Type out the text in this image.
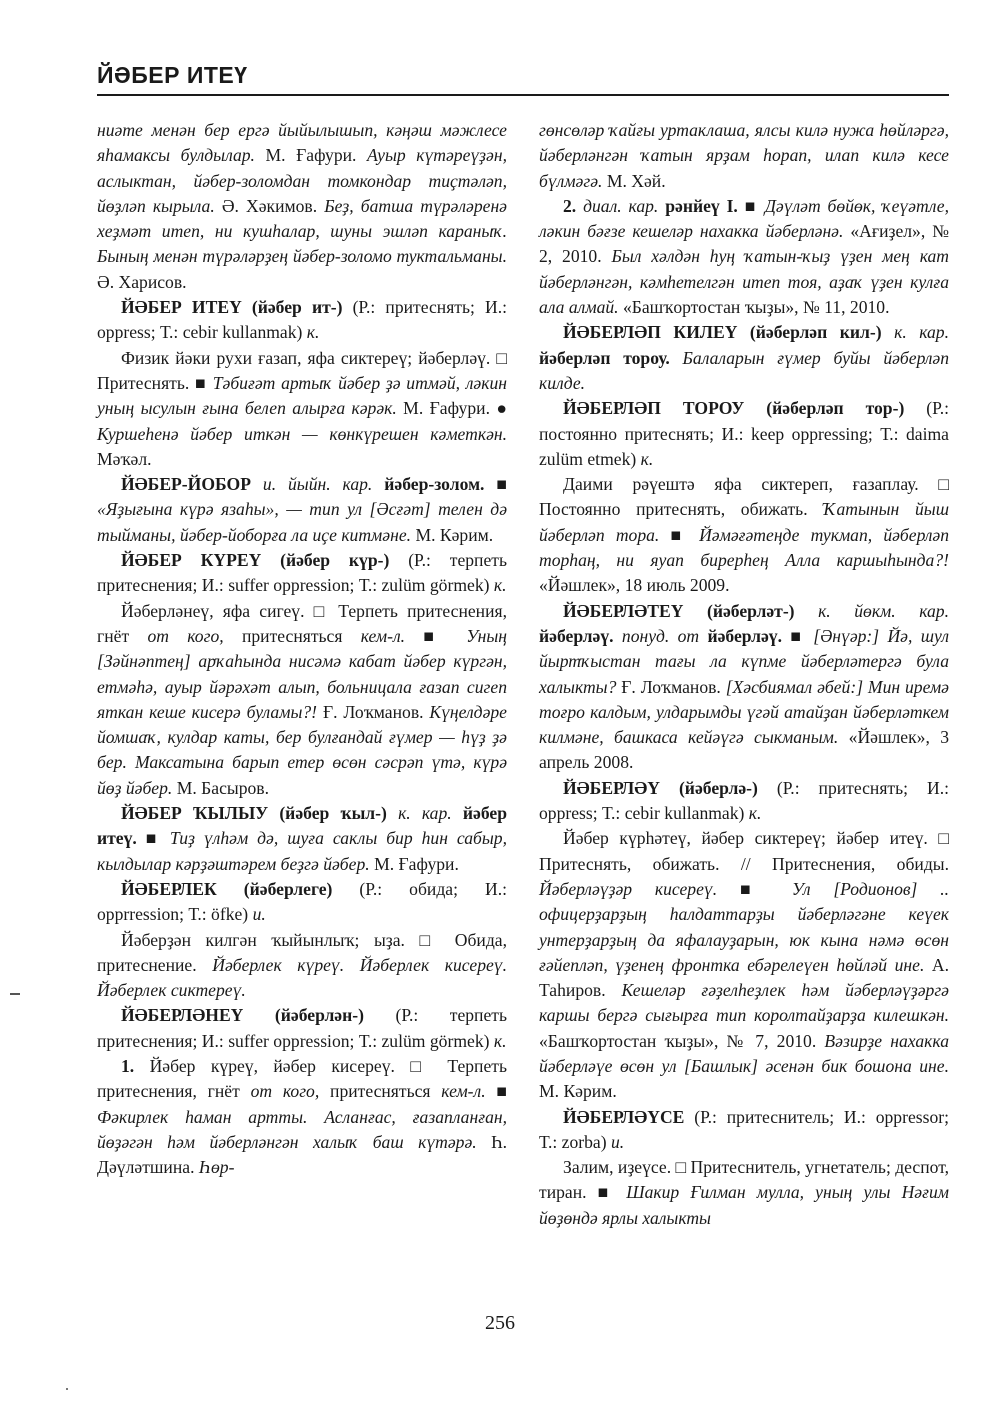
ЙӘБЕР ИТЕҮ

ниәте менән бер ергә йыйылышып, кәңәш мәжлесе яһамаксы булдылар. М. Ғафури. Ауыр күтәреүҙән, аслыктан, йәбер-золомдан томкондар тиҫтәләп, йөҙләп кырыла. Ә. Хәкимов. Беҙ, батша түрәләренә хеҙмәт итеп, ни кушһалар, шуны эшләп караныҡ. Быныӊ менән түрәләрҙеӊ йәбер-золомо туктальманы. Ә. Харисов.

ЙӘБЕР ИТЕҮ (йәбер ит-) (Р.: притеснять; И.: oppress; Т.: cebir kullanmak) к.

Физик йәки рухи ғазап, яфа сиктереү; йәберләү. □ Притеснять. ■ Тәбиғәт артыҡ йәбер ҙә итмәй, ләкин уныӊ ысулын ғына белеп алырға кәрәк. М. Ғафури. ● Куршеһенә йәбер иткән — көнкүрешен кәметкән. Мәҡәл.

ЙӘБЕР-ЙОБОР и. йыйн. кар. йәбер-золом. ■ «Яҙығына күрә язаһы», — тип ул [Әсғәт] телен дә тыйманы, йәбер-йоборға ла иҫе китмәне. М. Кәрим.

ЙӘБЕР КҮРЕҮ (йәбер күр-) (Р.: терпеть притеснения; И.: suffer oppression; Т.: zulüm görmek) к.

Йәберләнеү, яфа сигеү. □ Терпеть притеснения, гнёт от кого, притесняться кем-л. ■ Уныӊ [Зәйнәптеӊ] арҡаһында нисәмә кабат йәбер күргән, етмәһә, ауыр йәрәхәт алып, больницала ғазап сигеп яткан кеше кисерә буламы?! Ғ. Лоҡманов. Күӊелдәре йомшаҡ, кулдар каты, бер булғандай ғүмер — һүҙ ҙә бер. Максатына барып етер өсөн сәсрәп үтә, күрә йөҙ йәбер. М. Басыров.

ЙӘБЕР ҠЫЛЫУ (йәбер ҡыл-) к. кар. йәбер итеү. ■ Тиҙ үлһәм дә, шуға саклы бир һин сабыр, кылдылар кәрҙәштәрем беҙгә йәбер. М. Ғафури.

ЙӘБЕРЛЕК (йәберлеге) (Р.: обида; И.: opprression; Т.: öfke) и.

Йәберҙән килгән ҡыйынлыҡ; ыҙа. □ Обида, притеснение. Йәберлек күреү. Йәберлек кисереү. Йәберлек сиктереү.

ЙӘБЕРЛӘНЕҮ (йәберлән-) (Р.: терпеть притеснения; И.: suffer oppression; Т.: zulüm görmek) к.

1. Йәбер күреү, йәбер кисереү. □ Терпеть притеснения, гнёт от кого, притесняться кем-л. ■ Фәкирлек һаман артты. Асланғас, ғазапланған, йөҙәгән һәм йәберләнгән халыҡ баш күтәрә. Һ. Дәүләтшина. Һөр-

гөнсөләр ҡайғы уртаклаша, ялсы килә нужа һөйләргә, йәберләнгән ҡатын ярҙам һорап, илап килә кесе бүлмәгә. М. Хәй.

2. диал. кар. рәнйеү I. ■ Дәүләт бөйөк, ҡеүәтле, ләкин бәғзе кешеләр нахакка йәберләнә. «Ағиҙел», № 2, 2010. Был хәлдән һуң ҡатын-ҡыҙ үҙен меӊ кат йәберләнгән, кәмһетелгән итеп тоя, аҙаҡ үҙен кулға ала алмай. «Башҡортостан ҡыҙы», № 11, 2010.

ЙӘБЕРЛӘП КИЛЕҮ (йәберләп кил-) к. кар. йәберләп тороу. Балаларын ғүмер буйы йәберләп килде.

ЙӘБЕРЛӘП ТОРОУ (йәберләп тор-) (Р.: постоянно притеснять; И.: keep oppressing; Т.: daima zulüm etmek) к.

Даими рәүештә яфа сиктереп, ғазаплау. □ Постоянно притеснять, обижать. Ҡатынын йыш йәберләп тора. ■ Йәмәғәтеӊде тукмап, йәберләп торһаӊ, ни яуап бирерһеӊ Алла каршыһында?! «Йәшлек», 18 июль 2009.

ЙӘБЕРЛӘТЕҮ (йәберләт-) к. йөкм. кар. йәберләү. понуд. от йәберләү. ■ [Әнүәр:] Йә, шул йыртҡыстан тағы ла күпме йәберләтергә була халыкты? Ғ. Лоҡманов. [Хәсбиямал әбей:] Мин иремә тоғро калдым, улдарымды үгәй атайҙан йәберләткем килмәне, башкаса кейәүгә сыкманым. «Йәшлек», 3 апрель 2008.

ЙӘБЕРЛӘҮ (йәберлә-) (Р.: притеснять; И.: oppress; Т.: cebir kullanmak) к.

Йәбер күрһәтеү, йәбер сиктереү; йәбер итеү. □ Притеснять, обижать. // Притеснения, обиды. Йәберләүҙәр кисереү. ■ Ул [Родионов] .. офицерҙарҙыӊ һалдаттарҙы йәберләгәне кеүек унтерҙарҙыӊ да яфалауҙарын, юк кына нәмә өсөн ғәйепләп, үҙенеӊ фронтка ебәрелеүен һөйләй ине. А. Таһиров. Кешеләр ғәҙелһеҙлек һәм йәберләүҙәргә каршы бергә сығырға тип королтайҙарҙа килешкән. «Башҡортостан ҡыҙы», № 7, 2010. Вәзирҙе нахакка йәберләүе өсөн ул [Башлык] әсенән бик бошона ине. М. Кәрим.

ЙӘБЕРЛӘҮСЕ (Р.: притеснитель; И.: oppressor; Т.: zorba) и.

Залим, иҙеүсе. □ Притеснитель, угнетатель; деспот, тиран. ■ Шакир Ғилман мулла, уныӊ улы Нәғим йөҙөндә ярлы халыкты

256
